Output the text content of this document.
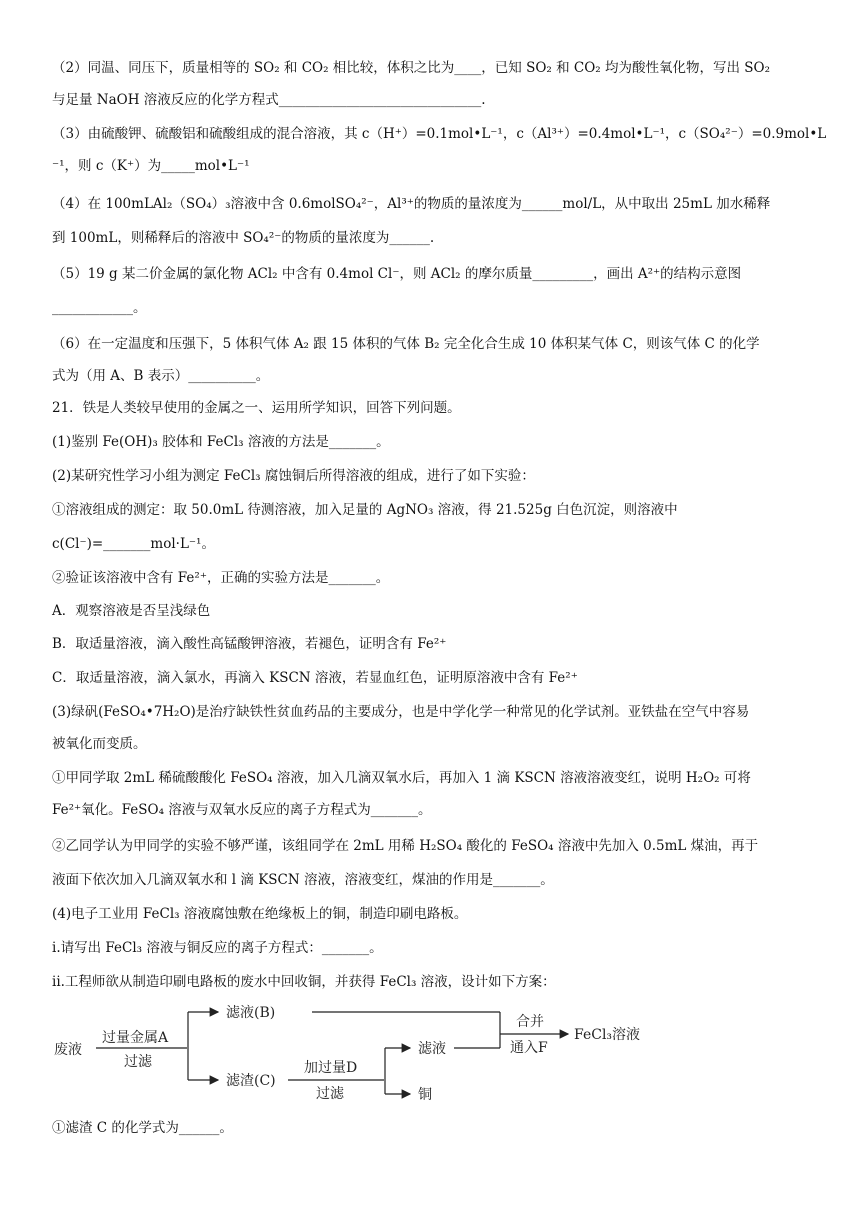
（2）同温、同压下，质量相等的 SO₂ 和 CO₂ 相比较，体积之比为____，已知 SO₂ 和 CO₂ 均为酸性氧化物，写出 SO₂
与足量 NaOH 溶液反应的化学方程式______________________________.
（3）由硫酸钾、硫酸铝和硫酸组成的混合溶液，其 c（H⁺）=0.1mol•L⁻¹，c（Al³⁺）=0.4mol•L⁻¹，c（SO₄²⁻）=0.9mol•L
⁻¹，则 c（K⁺）为_____mol•L⁻¹
（4）在 100mLAl₂（SO₄）₃溶液中含 0.6molSO₄²⁻，Al³⁺的物质的量浓度为______mol/L，从中取出 25mL 加水稀释
到 100mL，则稀释后的溶液中 SO₄²⁻的物质的量浓度为______.
（5）19 g 某二价金属的氯化物 ACl₂ 中含有 0.4mol Cl⁻，则 ACl₂ 的摩尔质量_________，画出 A²⁺的结构示意图
____________。
（6）在一定温度和压强下，5 体积气体 A₂ 跟 15 体积的气体 B₂ 完全化合生成 10 体积某气体 C，则该气体 C 的化学
式为（用 A、B 表示）__________。
21．铁是人类较早使用的金属之一、运用所学知识，回答下列问题。
(1)鉴别 Fe(OH)₃ 胶体和 FeCl₃ 溶液的方法是_______。
(2)某研究性学习小组为测定 FeCl₃ 腐蚀铜后所得溶液的组成，进行了如下实验：
①溶液组成的测定：取 50.0mL 待测溶液，加入足量的 AgNO₃ 溶液，得 21.525g 白色沉淀，则溶液中
c(Cl⁻)=_______mol·L⁻¹。
②验证该溶液中含有 Fe²⁺，正确的实验方法是_______。
A．观察溶液是否呈浅绿色
B．取适量溶液，滴入酸性高锰酸钾溶液，若褪色，证明含有 Fe²⁺
C．取适量溶液，滴入氯水，再滴入 KSCN 溶液，若显血红色，证明原溶液中含有 Fe²⁺
(3)绿矾(FeSO₄•7H₂O)是治疗缺铁性贫血药品的主要成分，也是中学化学一种常见的化学试剂。亚铁盐在空气中容易
被氧化而变质。
①甲同学取 2mL 稀硫酸酸化 FeSO₄ 溶液，加入几滴双氧水后，再加入 1 滴 KSCN 溶液溶液变红，说明 H₂O₂ 可将
Fe²⁺氧化。FeSO₄ 溶液与双氧水反应的离子方程式为_______。
②乙同学认为甲同学的实验不够严谨，该组同学在 2mL 用稀 H₂SO₄ 酸化的 FeSO₄ 溶液中先加入 0.5mL 煤油，再于
液面下依次加入几滴双氧水和 l 滴 KSCN 溶液，溶液变红，煤油的作用是_______。
(4)电子工业用 FeCl₃ 溶液腐蚀敷在绝缘板上的铜，制造印刷电路板。
i.请写出 FeCl₃ 溶液与铜反应的离子方程式：_______。
ii.工程师欲从制造印刷电路板的废水中回收铜，并获得 FeCl₃ 溶液，设计如下方案：
废液
过量金属A
过滤
滤液(B)
滤渣(C)
加过量D
过滤
滤液
铜
合并
通入F
FeCl₃溶液
①滤渣 C 的化学式为______。
